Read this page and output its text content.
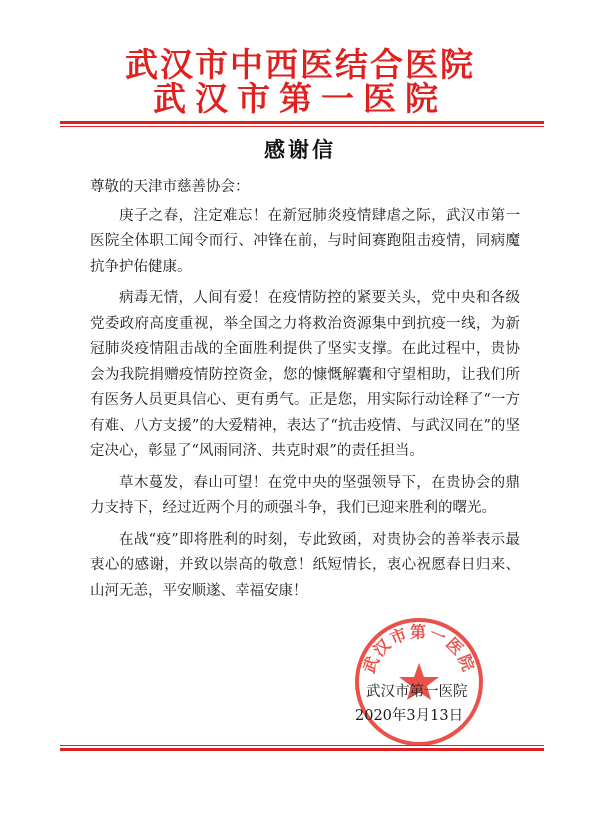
武汉市中西医结合医院

武汉市第一医院

感谢信

尊敬的天津市慈善协会：

庚子之春，注定难忘！在新冠肺炎疫情肆虐之际，武汉市第一医院全体职工闻令而行、冲锋在前，与时间赛跑阻击疫情，同病魔抗争护佑健康。

病毒无情，人间有爱！在疫情防控的紧要关头，党中央和各级党委政府高度重视，举全国之力将救治资源集中到抗疫一线，为新冠肺炎疫情阻击战的全面胜利提供了坚实支撑。在此过程中，贵协会为我院捐赠疫情防控资金，您的慷慨解囊和守望相助，让我们所有医务人员更具信心、更有勇气。正是您，用实际行动诠释了“一方有难、八方支援”的大爱精神，表达了“抗击疫情、与武汉同在”的坚定决心，彰显了“风雨同济、共克时艰”的责任担当。

草木蔓发，春山可望！在党中央的坚强领导下，在贵协会的鼎力支持下，经过近两个月的顽强斗争，我们已迎来胜利的曙光。

在战“疫”即将胜利的时刻，专此致函，对贵协会的善举表示最衷心的感谢，并致以崇高的敬意！纸短情长，衷心祝愿春日归来、山河无恙，平安顺遂、幸福安康！

武汉市第一医院
武汉市第一医院
2020年3月13日
